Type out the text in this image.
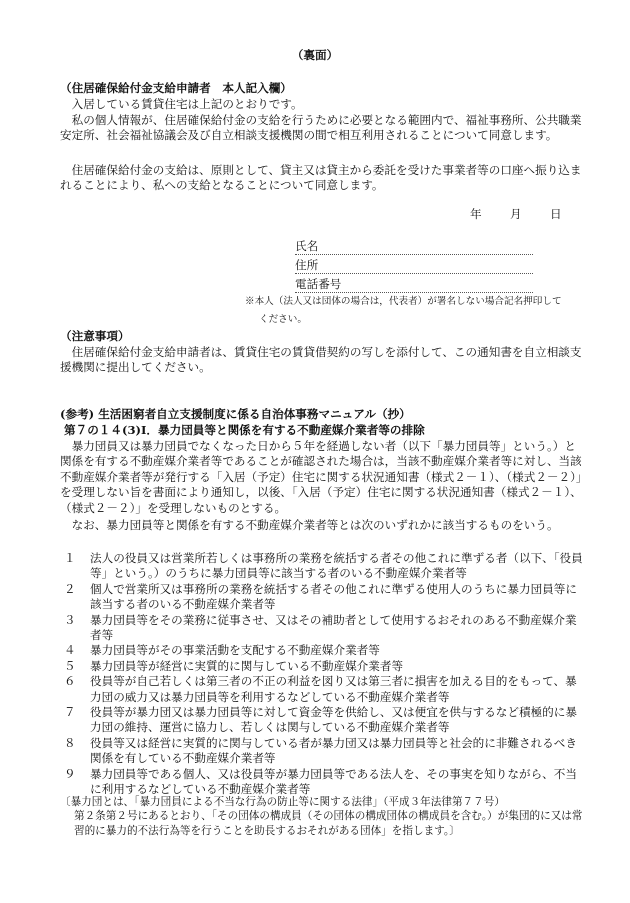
（裏面）
（住居確保給付金支給申請者　本人記入欄）
入居している賃貸住宅は上記のとおりです。
私の個人情報が、住居確保給付金の支給を行うために必要となる範囲内で、福祉事務所、公共職業安定所、社会福祉協議会及び自立相談支援機関の間で相互利用されることについて同意します。
住居確保給付金の支給は、原則として、貸主又は貸主から委託を受けた事業者等の口座へ振り込まれることにより、私への支給となることについて同意します。
年 月 日
氏名
住所
電話番号
※本人（法人又は団体の場合は，代表者）が署名しない場合記名押印して
ください。
（注意事項）
住居確保給付金支給申請者は、賃貸住宅の賃貸借契約の写しを添付して、この通知書を自立相談支援機関に提出してください。
(参考) 生活困窮者自立支援制度に係る自治体事務マニュアル（抄）
第７の１４(3)Ⅰ．暴力団員等と関係を有する不動産媒介業者等の排除
暴力団員又は暴力団員でなくなった日から５年を経過しない者（以下「暴力団員等」という。）と関係を有する不動産媒介業者等であることが確認された場合は，当該不動産媒介業者等に対し、当該不動産媒介業者等が発行する「入居（予定）住宅に関する状況通知書（様式２－１）、（様式２－２）」を受理しない旨を書面により通知し，以後、「入居（予定）住宅に関する状況通知書（様式２－１）、（様式２－２）」を受理しないものとする。
なお、暴力団員等と関係を有する不動産媒介業者等とは次のいずれかに該当するものをいう。
１	法人の役員又は営業所若しくは事務所の業務を統括する者その他これに準ずる者（以下、「役員等」という。）のうちに暴力団員等に該当する者のいる不動産媒介業者等
２	個人で営業所又は事務所の業務を統括する者その他これに準ずる使用人のうちに暴力団員等に該当する者のいる不動産媒介業者等
３	暴力団員等をその業務に従事させ、又はその補助者として使用するおそれのある不動産媒介業者等
４	暴力団員等がその事業活動を支配する不動産媒介業者等
５	暴力団員等が経営に実質的に関与している不動産媒介業者等
６	役員等が自己若しくは第三者の不正の利益を図り又は第三者に損害を加える目的をもって、暴力団の威力又は暴力団員等を利用するなどしている不動産媒介業者等
７	役員等が暴力団又は暴力団員等に対して資金等を供給し、又は便宜を供与するなど積極的に暴力団の維持、運営に協力し、若しくは関与している不動産媒介業者等
８	役員等又は経営に実質的に関与している者が暴力団又は暴力団員等と社会的に非難されるべき関係を有している不動産媒介業者等
９	暴力団員等である個人、又は役員等が暴力団員等である法人を、その事実を知りながら、不当に利用するなどしている不動産媒介業者等
〔暴力団とは、「暴力団員による不当な行為の防止等に関する法律」（平成３年法律第７７号）
第２条第２号にあるとおり、「その団体の構成員（その団体の構成団体の構成員を含む。）が集団的に又は常習的に暴力的不法行為等を行うことを助長するおそれがある団体」を指します。〕
